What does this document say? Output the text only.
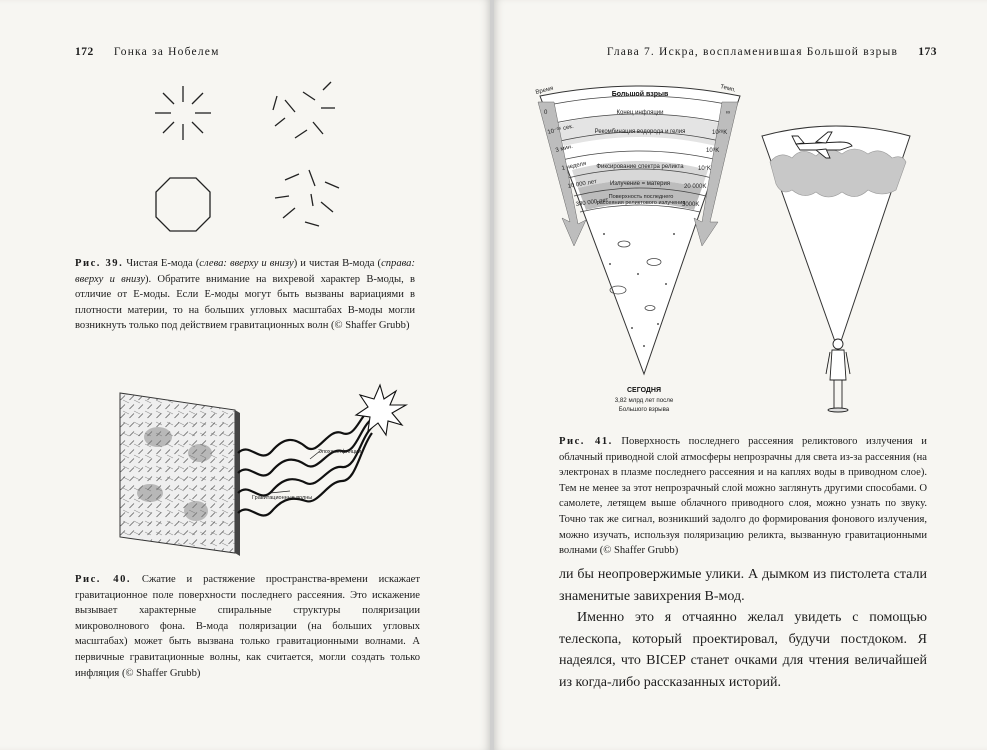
172 Гонка за Нобелем
Рис. 39. Чистая E-мода (слева: вверху и внизу) и чистая B-мода (справа: вверху и внизу). Обратите внимание на вихревой характер B-моды, в отличие от E-моды. Если E-моды могут быть вызваны вариациями в плотности материи, то на больших угловых масштабах B-моды могли возникнуть только под действием гравитационных волн (© Shaffer Grubb)
Эпоха инфляции
Гравитационные волны
Рис. 40. Сжатие и растяжение пространства-времени искажает гравитационное поле поверхности последнего рассеяния. Это искажение вызывает характерные спиральные структуры поляризации микроволнового фона. B-мода поляризации (на больших угловых масштабах) может быть вызвана только гравитационными волнами. А первичные гравитационные волны, как считается, могли создать только инфляция (© Shaffer Grubb)
Глава 7. Искра, воспламенившая Большой взрыв 173
Время	Темп.
Большой взрыв
0	Конец инфляции	∞
10⁻³⁵ сек.	Рекомбинация водорода и гелия	10²⁸K
3 мин.	10⁹K
1 неделя Фиксирование спектра реликта 10⁷K
10 000 лет Излучение = материя 20 000K
380 000 лет	3000K
Поверхность последнего рассеяния реликтового излучения
СЕГОДНЯ
3,82 млрд лет после
Большого взрыва
Рис. 41. Поверхность последнего рассеяния реликтового излучения и облачный приводной слой атмосферы непрозрачны для света из-за рассеяния (на электронах в плазме последнего рассеяния и на каплях воды в приводном слое). Тем не менее за этот непрозрачный слой можно заглянуть другими способами. О самолете, летящем выше облачного приводного слоя, можно узнать по звуку. Точно так же сигнал, возникший задолго до формирования фонового излучения, можно изучать, используя поляризацию реликта, вызванную гравитационными волнами (© Shaffer Grubb)

ли бы неопровержимые улики. А дымком из пистолета стали знаменитые завихрения B-мод.

Именно это я отчаянно желал увидеть с помощью телескопа, который проектировал, будучи постдоком. Я надеялся, что BICEP станет очками для чтения величайшей из когда-либо рассказанных историй.
